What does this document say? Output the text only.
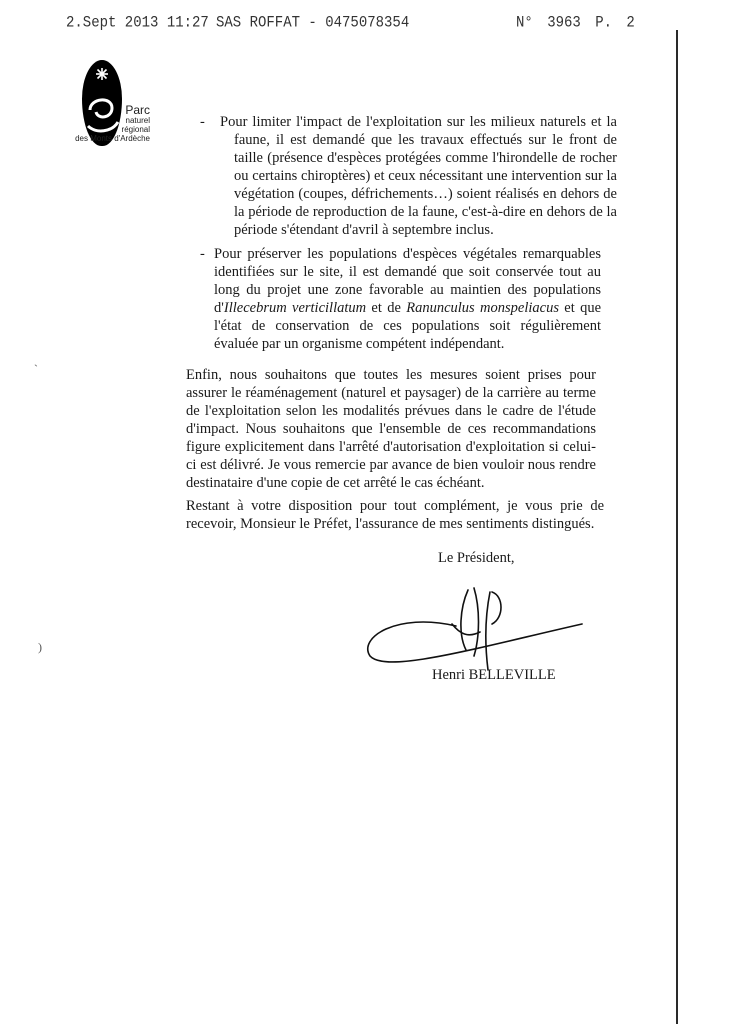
2.Sept 2013 11:27 SAS ROFFAT - 0475078354	N° 3963 P. 2
Parc
naturel
régional
des Monts d'Ardèche
- Pour limiter l'impact de l'exploitation sur les milieux naturels et la faune, il est demandé que les travaux effectués sur le front de taille (présence d'espèces protégées comme l'hirondelle de rocher ou certains chiroptères) et ceux nécessitant une intervention sur la végétation (coupes, défrichements…) soient réalisés en dehors de la période de reproduction de la faune, c'est-à-dire en dehors de la période s'étendant d'avril à septembre inclus.

- Pour préserver les populations d'espèces végétales remarquables identifiées sur le site, il est demandé que soit conservée tout au long du projet une zone favorable au maintien des populations d'Illecebrum verticillatum et de Ranunculus monspeliacus et que l'état de conservation de ces populations soit régulièrement évaluée par un organisme compétent indépendant.

Enfin, nous souhaitons que toutes les mesures soient prises pour assurer le réaménagement (naturel et paysager) de la carrière au terme de l'exploitation selon les modalités prévues dans le cadre de l'étude d'impact. Nous souhaitons que l'ensemble de ces recommandations figure explicitement dans l'arrêté d'autorisation d'exploitation si celui-ci est délivré. Je vous remercie par avance de bien vouloir nous rendre destinataire d'une copie de cet arrêté le cas échéant.

Restant à votre disposition pour tout complément, je vous prie de recevoir, Monsieur le Préfet, l'assurance de mes sentiments distingués.

Le Président,
Henri BELLEVILLE
`
)
